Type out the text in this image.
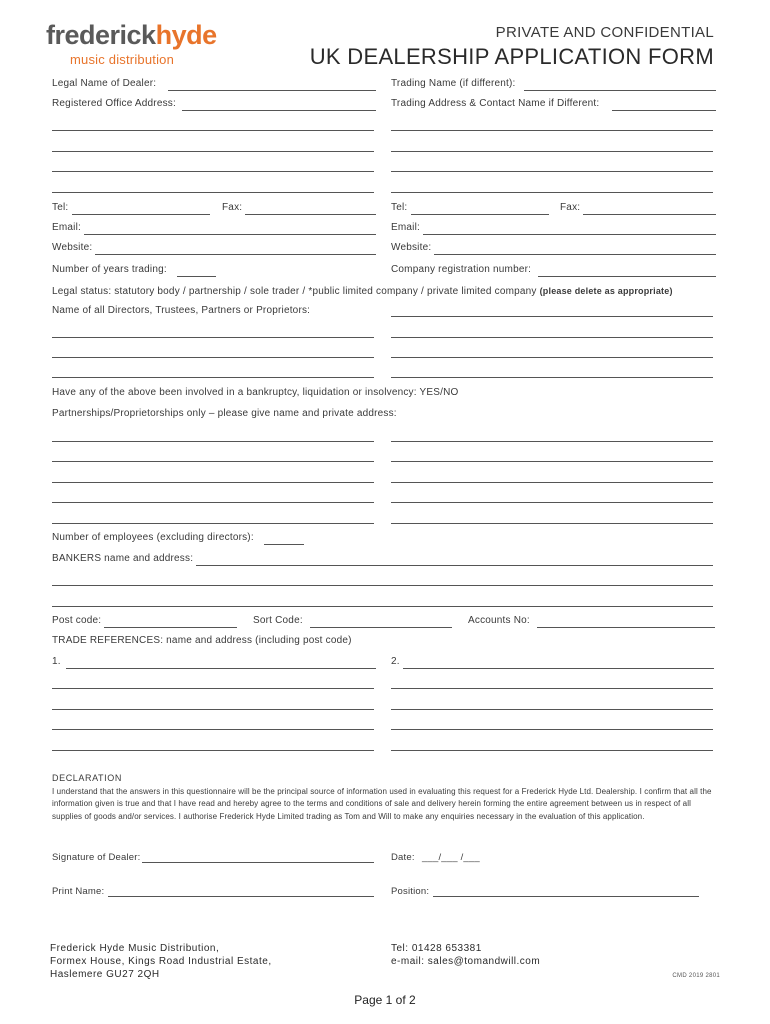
frederickhyde
music distribution
PRIVATE AND CONFIDENTIAL
UK DEALERSHIP APPLICATION FORM
Legal Name of Dealer:	Trading Name (if different):
Registered Office Address:	Trading Address & Contact Name if Different:
Tel:	Fax:	Tel:	Fax:
Email:	Email:
Website:	Website:
Number of years trading:	Company registration number:
Legal status: statutory body / partnership / sole trader / *public limited company / private limited company (please delete as appropriate)
Name of all Directors, Trustees, Partners or Proprietors:
Have any of the above been involved in a bankruptcy, liquidation or insolvency: YES/NO
Partnerships/Proprietorships only – please give name and private address:
Number of employees (excluding directors):
BANKERS name and address:
Post code:	Sort Code:	Accounts No:
TRADE REFERENCES: name and address (including post code)
1.	2.
DECLARATION
I understand that the answers in this questionnaire will be the principal source of information used in evaluating this request for a Frederick Hyde Ltd. Dealership. I confirm that all the information given is true and that I have read and hereby agree to the terms and conditions of sale and delivery herein forming the entire agreement between us in respect of all supplies of goods and/or services. I authorise Frederick Hyde Limited trading as Tom and Will to make any enquiries necessary in the evaluation of this application.
Signature of Dealer:	Date: ___/___ /___
Print Name:	Position:
Frederick Hyde Music Distribution,
Formex House, Kings Road Industrial Estate,
Haslemere GU27 2QH
Tel: 01428 653381
e-mail: sales@tomandwill.com
CMD 2019 2801
Page 1 of 2
